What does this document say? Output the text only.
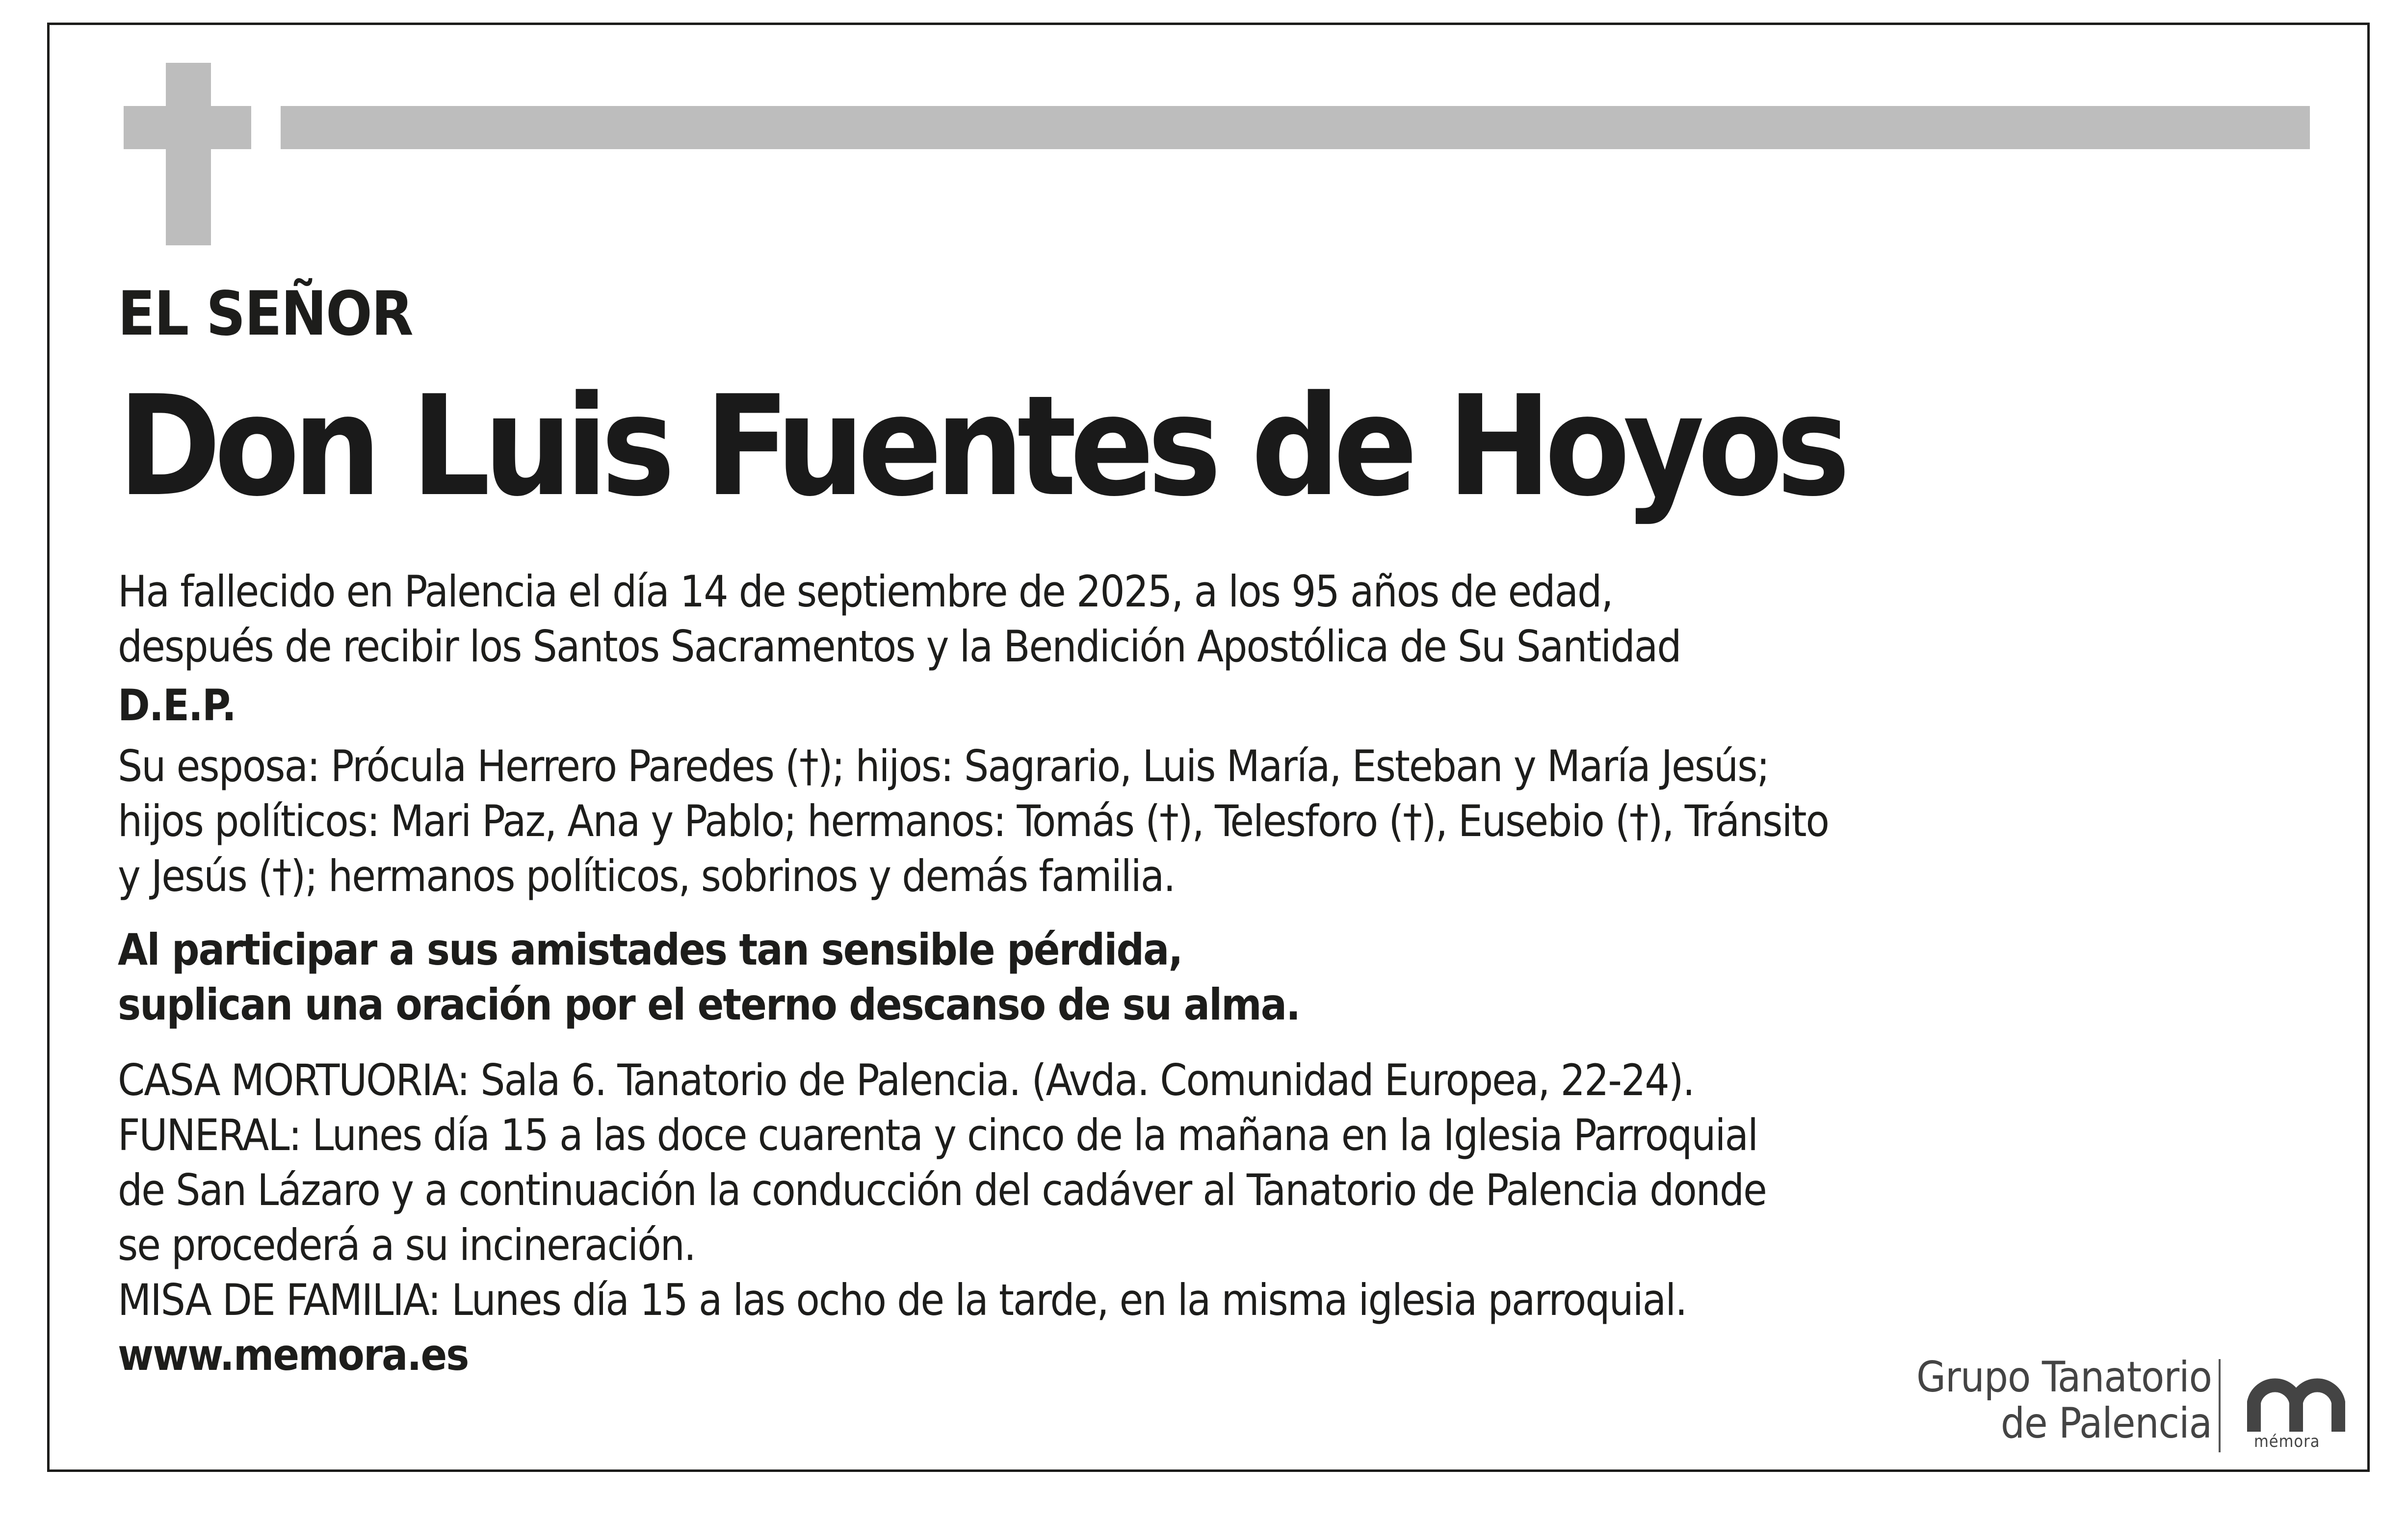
EL SEÑOR
Don Luis Fuentes de Hoyos
Ha fallecido en Palencia el día 14 de septiembre de 2025, a los 95 años de edad,
después de recibir los Santos Sacramentos y la Bendición Apostólica de Su Santidad
D.E.P.
Su esposa: Prócula Herrero Paredes (†); hijos: Sagrario, Luis María, Esteban y María Jesús;
hijos políticos: Mari Paz, Ana y Pablo; hermanos: Tomás (†), Telesforo (†), Eusebio (†), Tránsito
y Jesús (†); hermanos políticos, sobrinos y demás familia.
Al participar a sus amistades tan sensible pérdida,
suplican una oración por el eterno descanso de su alma.
CASA MORTUORIA: Sala 6. Tanatorio de Palencia. (Avda. Comunidad Europea, 22-24).
FUNERAL: Lunes día 15 a las doce cuarenta y cinco de la mañana en la Iglesia Parroquial
de San Lázaro y a continuación la conducción del cadáver al Tanatorio de Palencia donde
se procederá a su incineración.
MISA DE FAMILIA: Lunes día 15 a las ocho de la tarde, en la misma iglesia parroquial.
www.memora.es	Grupo Tanatorio
de Palencia	mémora
